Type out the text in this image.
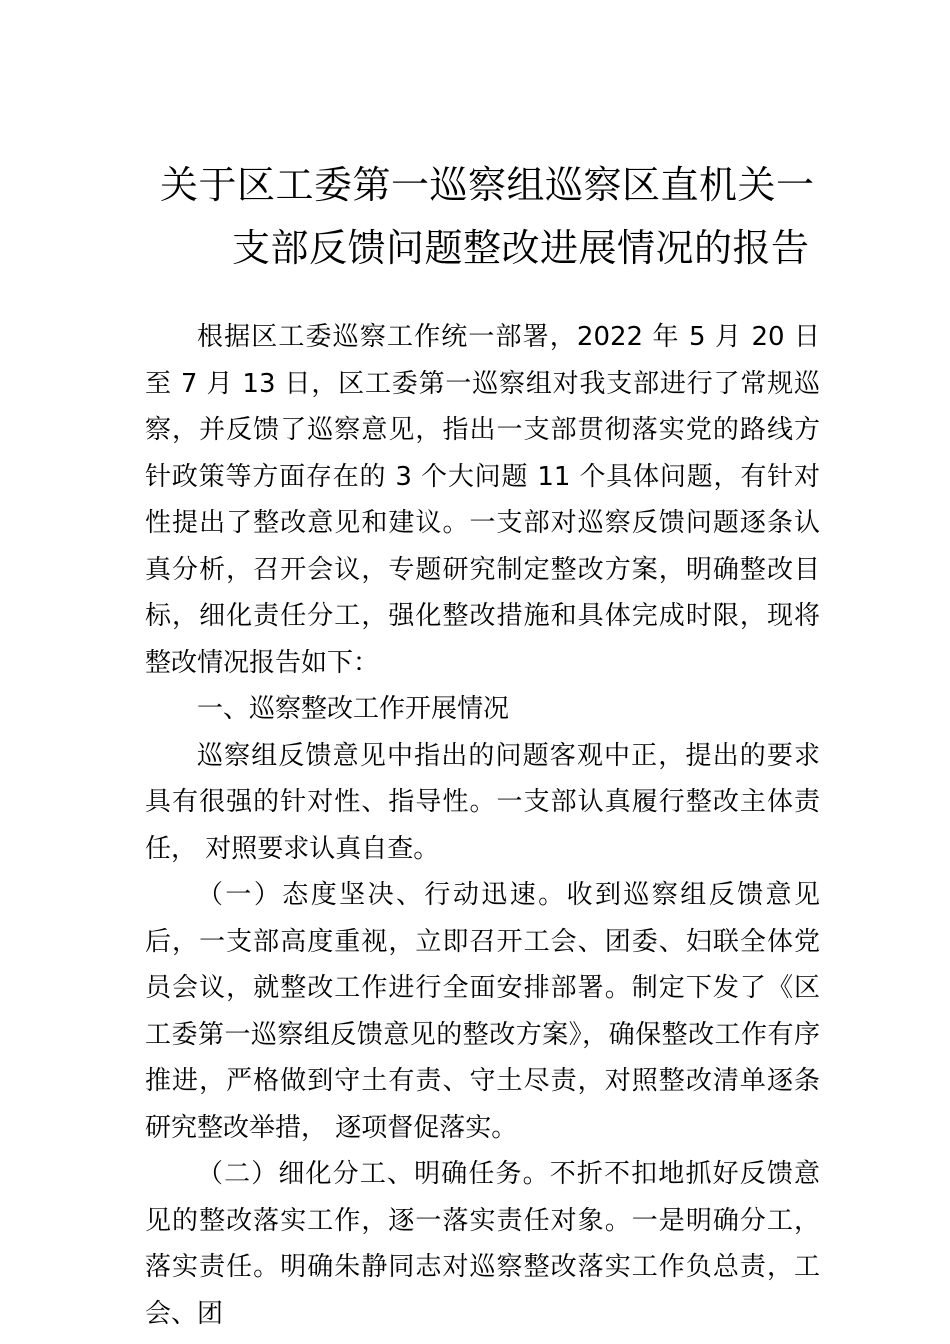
关于区工委第一巡察组巡察区直机关一
支部反馈问题整改进展情况的报告

根据区工委巡察工作统一部署，2022 年 5 月 20 日至 7 月 13 日，区工委第一巡察组对我支部进行了常规巡察，并反馈了巡察意见，指出一支部贯彻落实党的路线方针政策等方面存在的 3 个大问题 11 个具体问题，有针对性提出了整改意见和建议。一支部对巡察反馈问题逐条认真分析，召开会议，专题研究制定整改方案，明确整改目标，细化责任分工，强化整改措施和具体完成时限，现将整改情况报告如下：

一、巡察整改工作开展情况

巡察组反馈意见中指出的问题客观中正，提出的要求具有很强的针对性、指导性。一支部认真履行整改主体责任， 对照要求认真自查。

（一）态度坚决、行动迅速。收到巡察组反馈意见后，一支部高度重视，立即召开工会、团委、妇联全体党员会议，就整改工作进行全面安排部署。制定下发了《区工委第一巡察组反馈意见的整改方案》，确保整改工作有序推进，严格做到守土有责、守土尽责，对照整改清单逐条研究整改举措， 逐项督促落实。

（二）细化分工、明确任务。不折不扣地抓好反馈意见的整改落实工作，逐一落实责任对象。一是明确分工，落实责任。明确朱静同志对巡察整改落实工作负总责，工会、团
